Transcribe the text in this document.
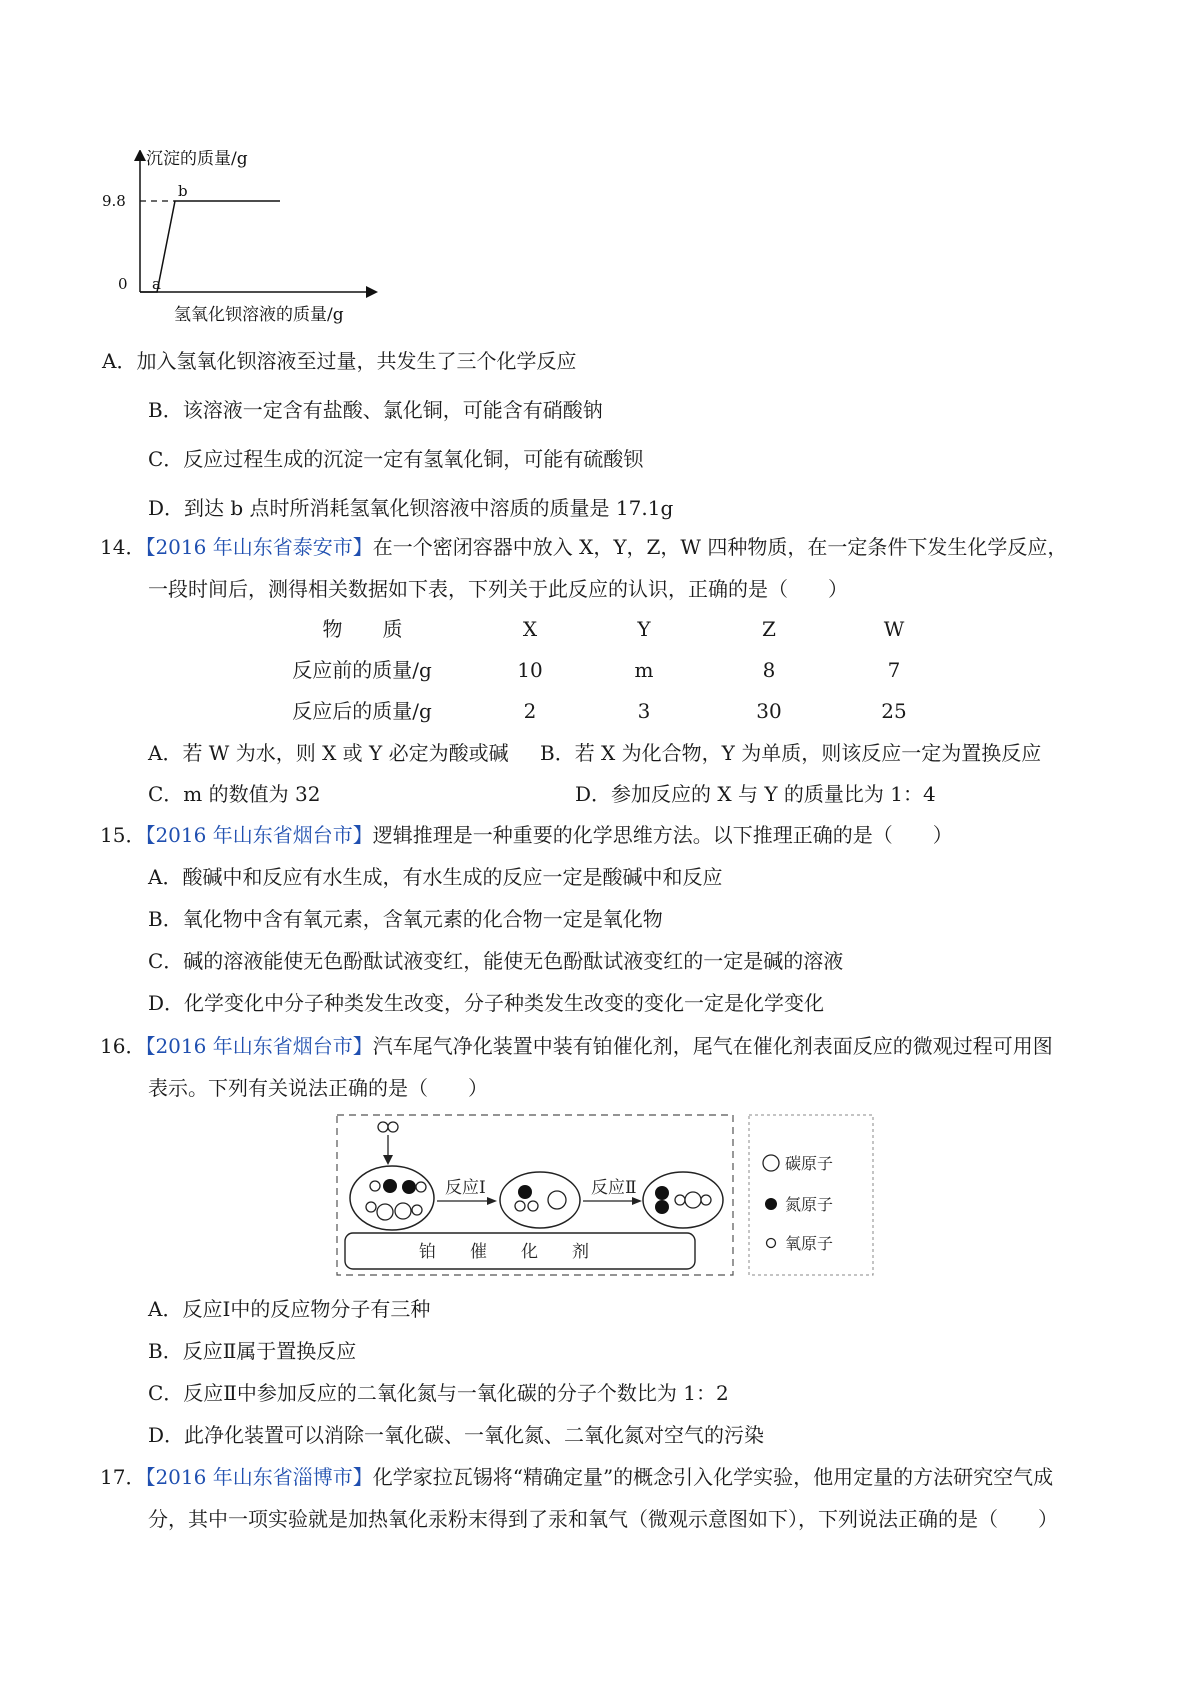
沉淀的质量/g
9.8
0 a
b
氢氧化钡溶液的质量/g
A．加入氢氧化钡溶液至过量，共发生了三个化学反应
B．该溶液一定含有盐酸、氯化铜，可能含有硝酸钠
C．反应过程生成的沉淀一定有氢氧化铜，可能有硫酸钡
D．到达 b 点时所消耗氢氧化钡溶液中溶质的质量是 17.1g
14．【2016 年山东省泰安市】在一个密闭容器中放入 X，Y，Z，W 四种物质，在一定条件下发生化学反应，
一段时间后，测得相关数据如下表，下列关于此反应的认识，正确的是（　　）
物　　质	X	Y	Z	W
反应前的质量/g	10	m	8	7
反应后的质量/g	2	3	30	25
A．若 W 为水，则 X 或 Y 必定为酸或碱 B．若 X 为化合物，Y 为单质，则该反应一定为置换反应
C．m 的数值为 32	D．参加反应的 X 与 Y 的质量比为 1：4
15．【2016 年山东省烟台市】逻辑推理是一种重要的化学思维方法。以下推理正确的是（　　）
A．酸碱中和反应有水生成，有水生成的反应一定是酸碱中和反应
B．氧化物中含有氧元素，含氧元素的化合物一定是氧化物
C．碱的溶液能使无色酚酞试液变红，能使无色酚酞试液变红的一定是碱的溶液
D．化学变化中分子种类发生改变，分子种类发生改变的变化一定是化学变化
16．【2016 年山东省烟台市】汽车尾气净化装置中装有铂催化剂，尾气在催化剂表面反应的微观过程可用图
表示。下列有关说法正确的是（　　）
反应Ⅰ	反应Ⅱ
铂　　催　　化　　剂
碳原子
氮原子
氧原子
A．反应Ⅰ中的反应物分子有三种
B．反应Ⅱ属于置换反应
C．反应Ⅱ中参加反应的二氧化氮与一氧化碳的分子个数比为 1：2
D．此净化装置可以消除一氧化碳、一氧化氮、二氧化氮对空气的污染
17．【2016 年山东省淄博市】化学家拉瓦锡将“精确定量”的概念引入化学实验，他用定量的方法研究空气成
分，其中一项实验就是加热氧化汞粉末得到了汞和氧气（微观示意图如下），下列说法正确的是（　　）
